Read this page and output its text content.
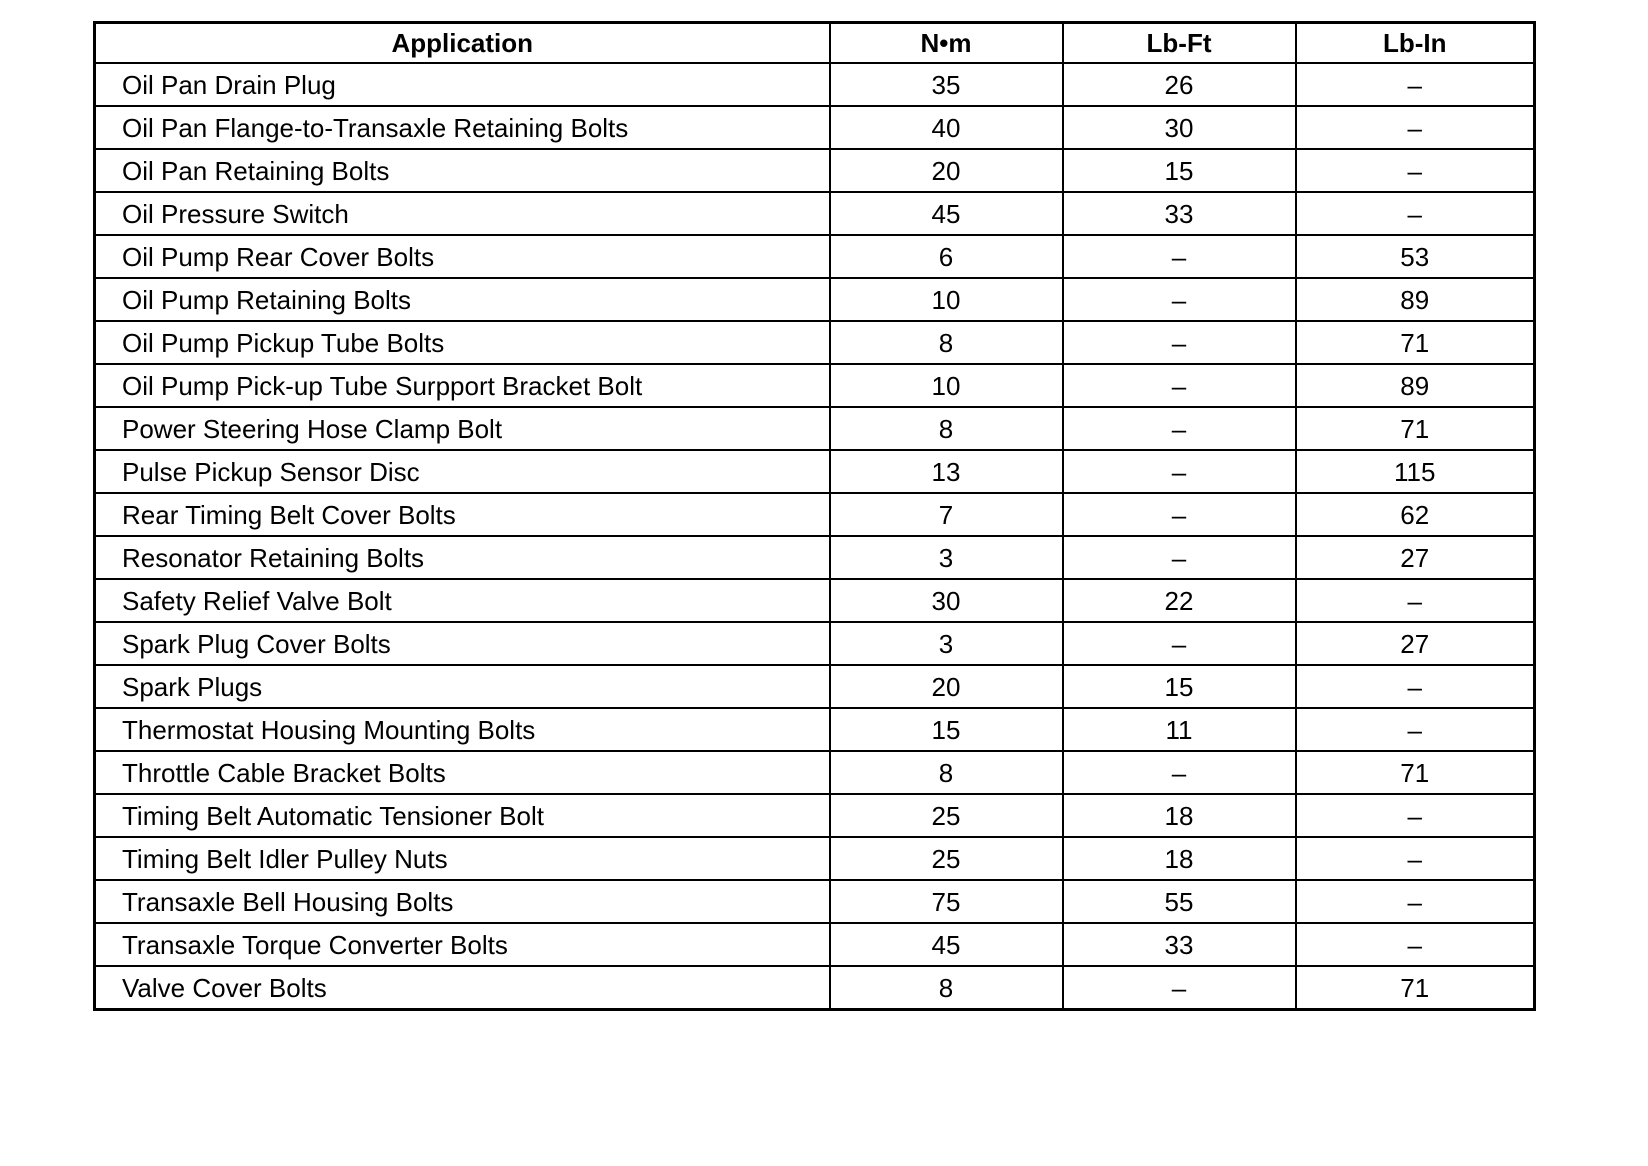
Application	N•m	Lb-Ft	Lb-In
Oil Pan Drain Plug	35	26	–
Oil Pan Flange-to-Transaxle Retaining Bolts	40	30	–
Oil Pan Retaining Bolts	20	15	–
Oil Pressure Switch	45	33	–
Oil Pump Rear Cover Bolts	6	–	53
Oil Pump Retaining Bolts	10	–	89
Oil Pump Pickup Tube Bolts	8	–	71
Oil Pump Pick-up Tube Surpport Bracket Bolt	10	–	89
Power Steering Hose Clamp Bolt	8	–	71
Pulse Pickup Sensor Disc	13	–	115
Rear Timing Belt Cover Bolts	7	–	62
Resonator Retaining Bolts	3	–	27
Safety Relief Valve Bolt	30	22	–
Spark Plug Cover Bolts	3	–	27
Spark Plugs	20	15	–
Thermostat Housing Mounting Bolts	15	11	–
Throttle Cable Bracket Bolts	8	–	71
Timing Belt Automatic Tensioner Bolt	25	18	–
Timing Belt Idler Pulley Nuts	25	18	–
Transaxle Bell Housing Bolts	75	55	–
Transaxle Torque Converter Bolts	45	33	–
Valve Cover Bolts	8	–	71
